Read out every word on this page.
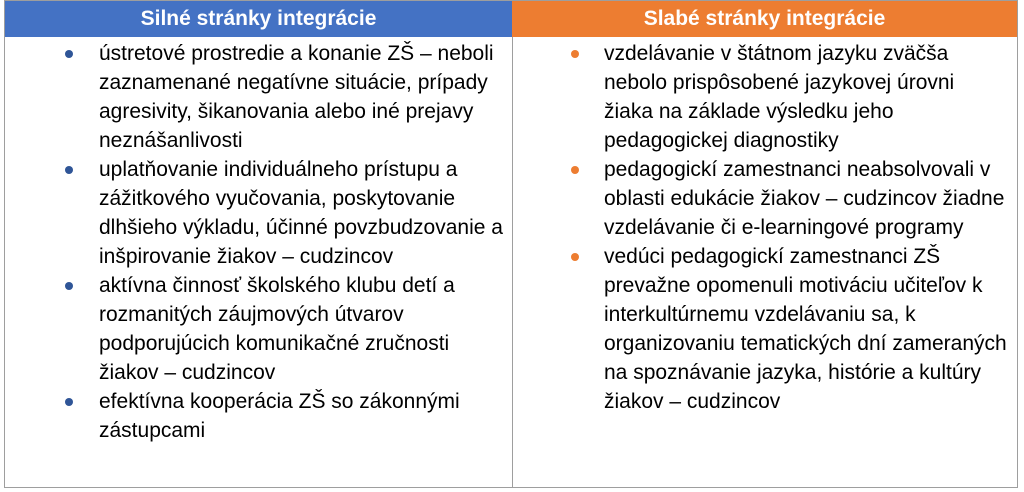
Silné stránky integrácie
ústretové prostredie a konanie ZŠ – neboli zaznamenané negatívne situácie, prípady agresivity, šikanovania alebo iné prejavy neznášanlivosti
uplatňovanie individuálneho prístupu a zážitkového vyučovania, poskytovanie dlhšieho výkladu, účinné povzbudzovanie a inšpirovanie žiakov – cudzincov
aktívna činnosť školského klubu detí a rozmanitých záujmových útvarov podporujúcich komunikačné zručnosti žiakov – cudzincov
efektívna kooperácia ZŠ so zákonnými zástupcami
Slabé stránky integrácie
vzdelávanie v štátnom jazyku zväčša nebolo prispôsobené jazykovej úrovni žiaka na základe výsledku jeho pedagogickej diagnostiky
pedagogickí zamestnanci neabsolvovali v oblasti edukácie žiakov – cudzincov žiadne vzdelávanie či e-learningové programy
vedúci pedagogickí zamestnanci ZŠ prevažne opomenuli motiváciu učiteľov k interkultúrnemu vzdelávaniu sa, k organizovaniu tematických dní zameraných na spoznávanie jazyka, histórie a kultúry žiakov – cudzincov
